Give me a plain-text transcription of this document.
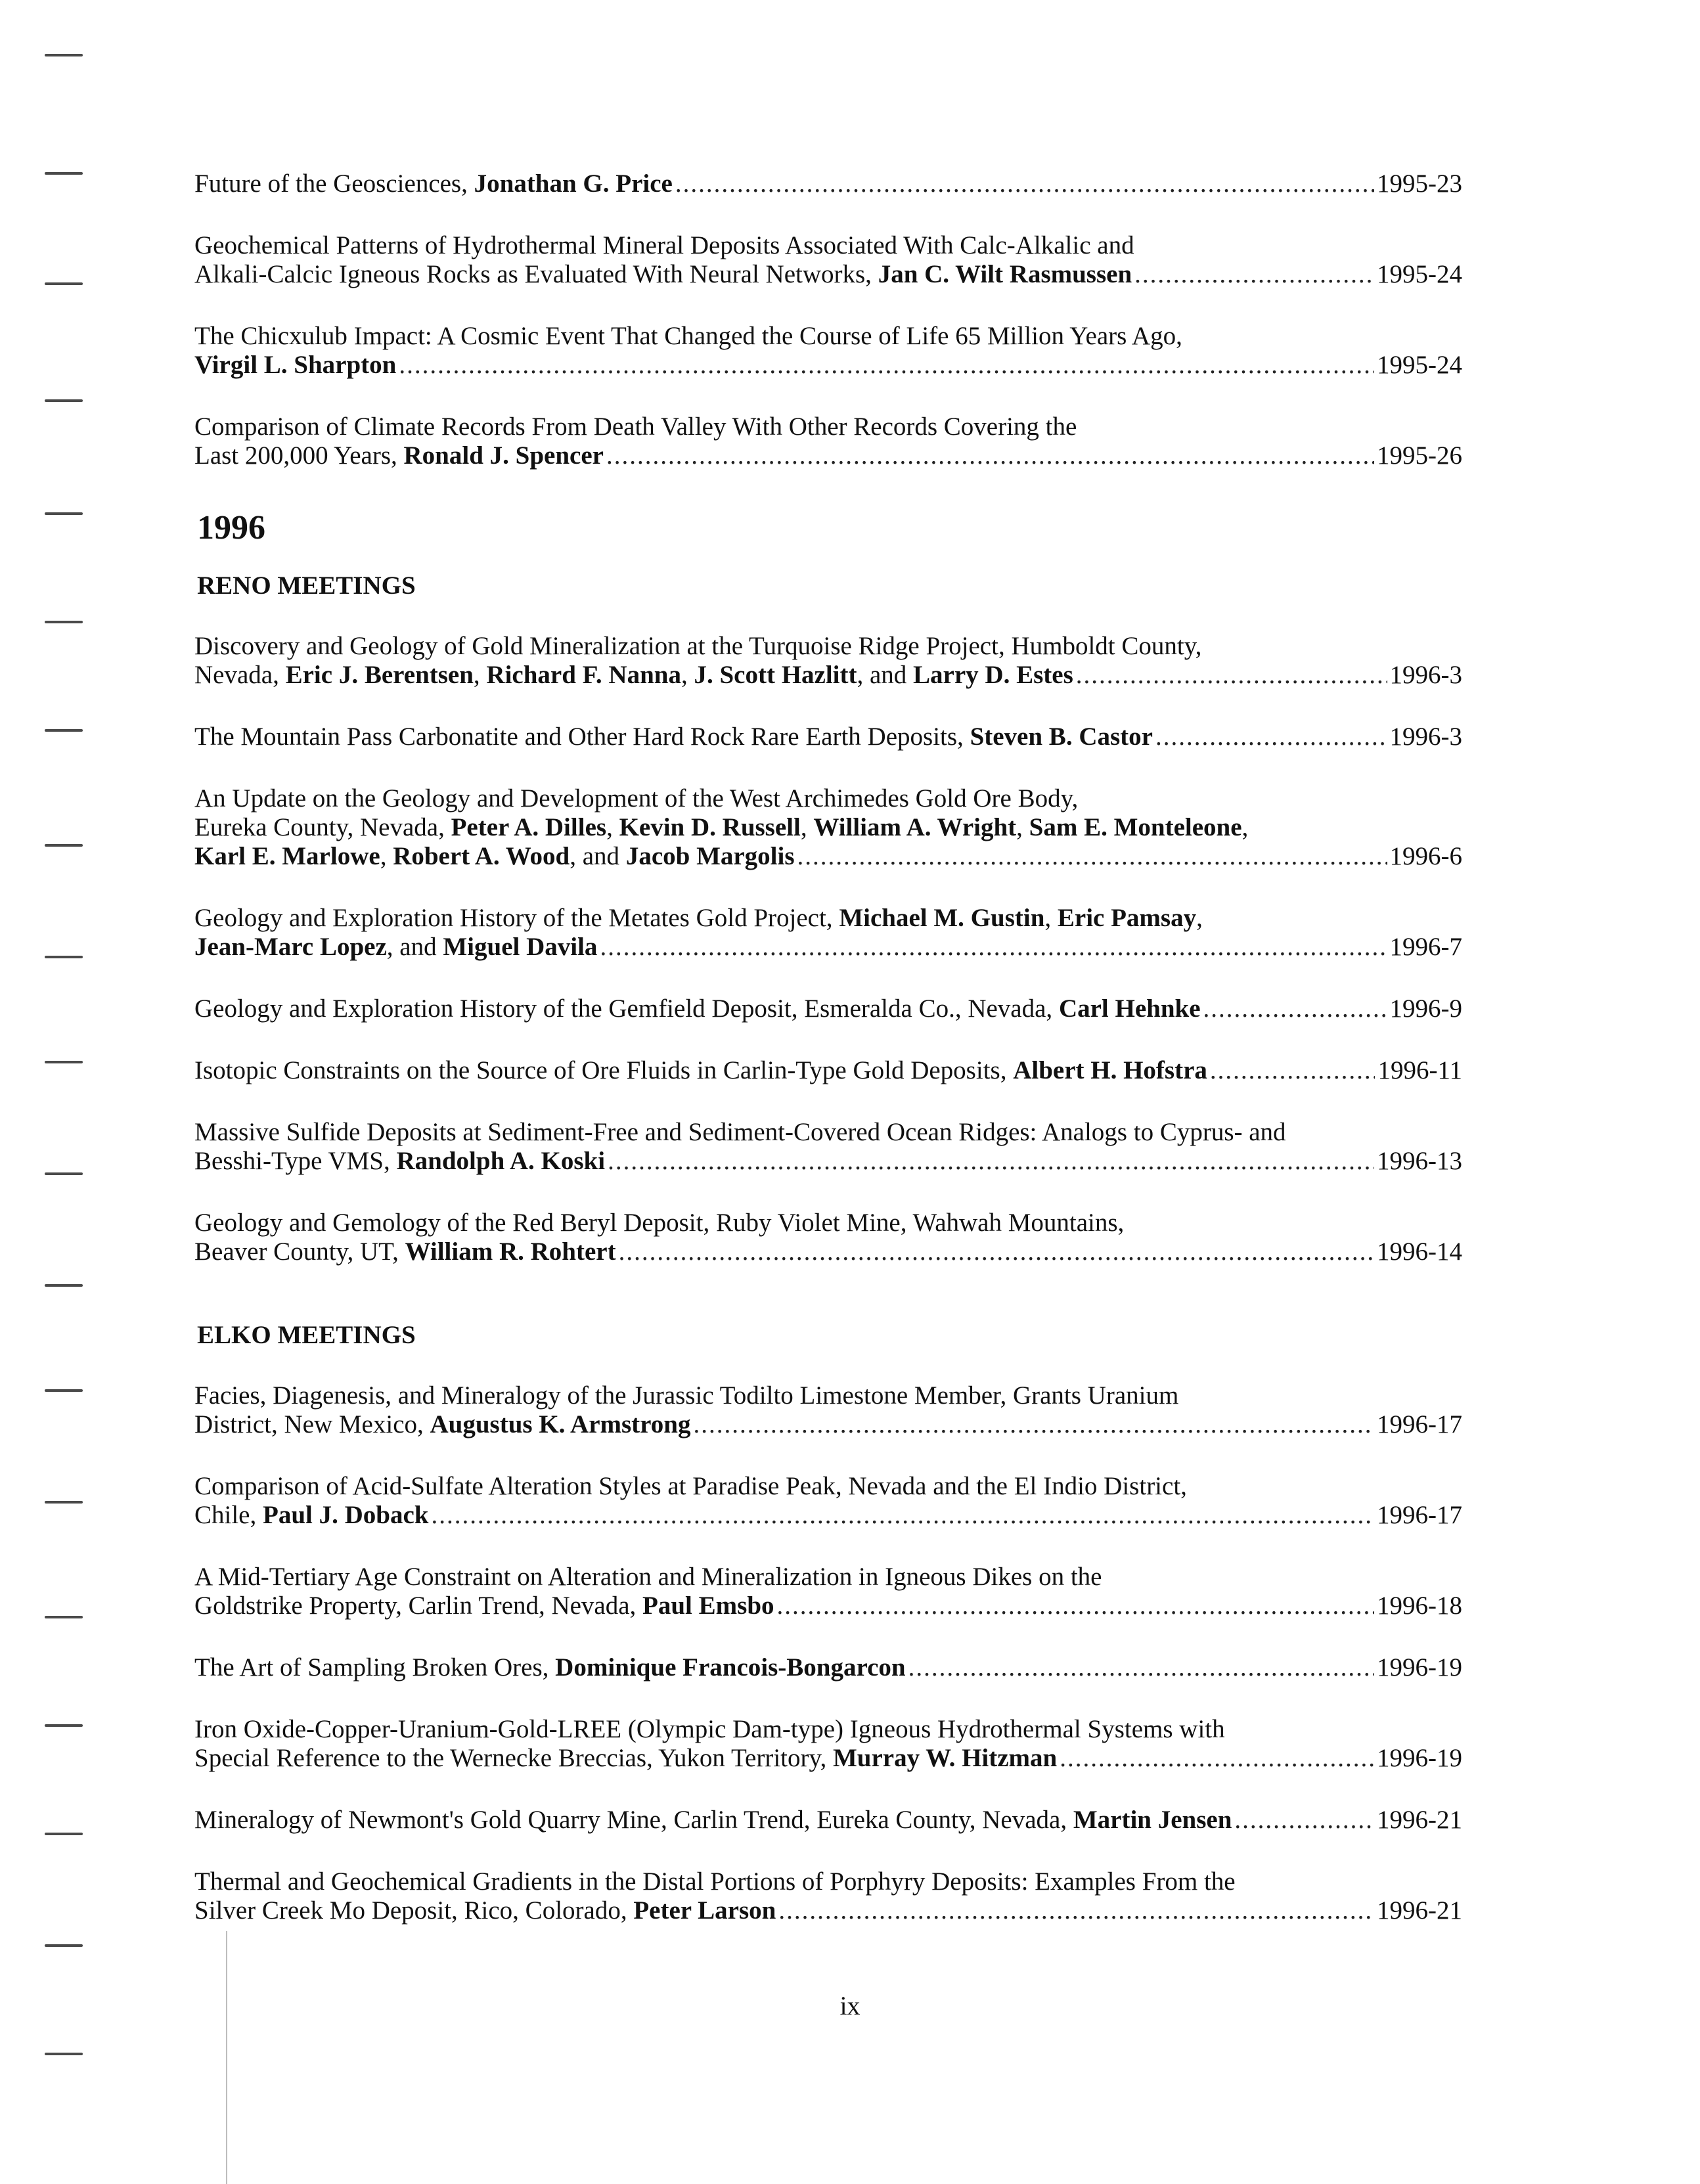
Future of the Geosciences, Jonathan G. Price .....	1995-23
Geochemical Patterns of Hydrothermal Mineral Deposits Associated With Calc-Alkalic and
Alkali-Calcic Igneous Rocks as Evaluated With Neural Networks, Jan C. Wilt Rasmussen .....	1995-24
The Chicxulub Impact: A Cosmic Event That Changed the Course of Life 65 Million Years Ago,
Virgil L. Sharpton .....	1995-24
Comparison of Climate Records From Death Valley With Other Records Covering the
Last 200,000 Years, Ronald J. Spencer .....	1995-26
1996
RENO MEETINGS
Discovery and Geology of Gold Mineralization at the Turquoise Ridge Project, Humboldt County,
Nevada, Eric J. Berentsen, Richard F. Nanna, J. Scott Hazlitt, and Larry D. Estes .....	1996-3
The Mountain Pass Carbonatite and Other Hard Rock Rare Earth Deposits, Steven B. Castor .....	1996-3
An Update on the Geology and Development of the West Archimedes Gold Ore Body,
Eureka County, Nevada, Peter A. Dilles, Kevin D. Russell, William A. Wright, Sam E. Monteleone,
Karl E. Marlowe, Robert A. Wood, and Jacob Margolis .....	1996-6
Geology and Exploration History of the Metates Gold Project, Michael M. Gustin, Eric Pamsay,
Jean-Marc Lopez, and Miguel Davila .....	1996-7
Geology and Exploration History of the Gemfield Deposit, Esmeralda Co., Nevada, Carl Hehnke .....	1996-9
Isotopic Constraints on the Source of Ore Fluids in Carlin-Type Gold Deposits, Albert H. Hofstra .....	1996-11
Massive Sulfide Deposits at Sediment-Free and Sediment-Covered Ocean Ridges: Analogs to Cyprus- and
Besshi-Type VMS, Randolph A. Koski .....	1996-13
Geology and Gemology of the Red Beryl Deposit, Ruby Violet Mine, Wahwah Mountains,
Beaver County, UT, William R. Rohtert .....	1996-14
ELKO MEETINGS
Facies, Diagenesis, and Mineralogy of the Jurassic Todilto Limestone Member, Grants Uranium
District, New Mexico, Augustus K. Armstrong .....	1996-17
Comparison of Acid-Sulfate Alteration Styles at Paradise Peak, Nevada and the El Indio District,
Chile, Paul J. Doback .....	1996-17
A Mid-Tertiary Age Constraint on Alteration and Mineralization in Igneous Dikes on the
Goldstrike Property, Carlin Trend, Nevada, Paul Emsbo .....	1996-18
The Art of Sampling Broken Ores, Dominique Francois-Bongarcon .....	1996-19
Iron Oxide-Copper-Uranium-Gold-LREE (Olympic Dam-type) Igneous Hydrothermal Systems with
Special Reference to the Wernecke Breccias, Yukon Territory, Murray W. Hitzman .....	1996-19
Mineralogy of Newmont's Gold Quarry Mine, Carlin Trend, Eureka County, Nevada, Martin Jensen .....	1996-21
Thermal and Geochemical Gradients in the Distal Portions of Porphyry Deposits: Examples From the
Silver Creek Mo Deposit, Rico, Colorado, Peter Larson .....	1996-21
ix
